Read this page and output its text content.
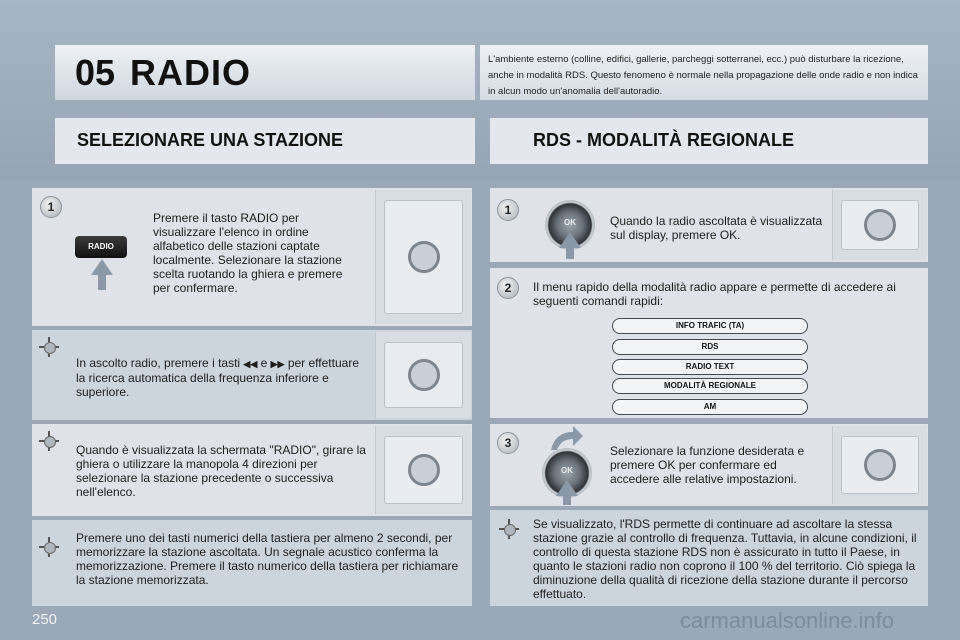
05 RADIO	L'ambiente esterno (colline, edifici, gallerie, parcheggi sotterranei, ecc.) può disturbare la ricezione, anche in modalità RDS. Questo fenomeno è normale nella propagazione delle onde radio e non indica in alcun modo un'anomalia dell'autoradio.
SELEZIONARE UNA STAZIONE	RDS - MODALITÀ REGIONALE
1
RADIO
Premere il tasto RADIO per visualizzare l'elenco in ordine alfabetico delle stazioni captate localmente. Selezionare la stazione scelta ruotando la ghiera e premere per confermare.
In ascolto radio, premere i tasti ◀◀ e ▶▶ per effettuare la ricerca automatica della frequenza inferiore e superiore.
Quando è visualizzata la schermata "RADIO", girare la ghiera o utilizzare la manopola 4 direzioni per selezionare la stazione precedente o successiva nell'elenco.
Premere uno dei tasti numerici della tastiera per almeno 2 secondi, per memorizzare la stazione ascoltata. Un segnale acustico conferma la memorizzazione. Premere il tasto numerico della tastiera per richiamare la stazione memorizzata.
1
OK	Quando la radio ascoltata è visualizzata sul display, premere OK.
2	Il menu rapido della modalità radio appare e permette di accedere ai seguenti comandi rapidi:
INFO TRAFIC (TA)
RDS
RADIO TEXT
MODALITÀ REGIONALE
AM
3
OK
Selezionare la funzione desiderata e premere OK per confermare ed accedere alle relative impostazioni.
Se visualizzato, l'RDS permette di continuare ad ascoltare la stessa stazione grazie al controllo di frequenza. Tuttavia, in alcune condizioni, il controllo di questa stazione RDS non è assicurato in tutto il Paese, in quanto le stazioni radio non coprono il 100 % del territorio. Ciò spiega la diminuzione della qualità di ricezione della stazione durante il percorso effettuato.
250	carmanualsonline.info
